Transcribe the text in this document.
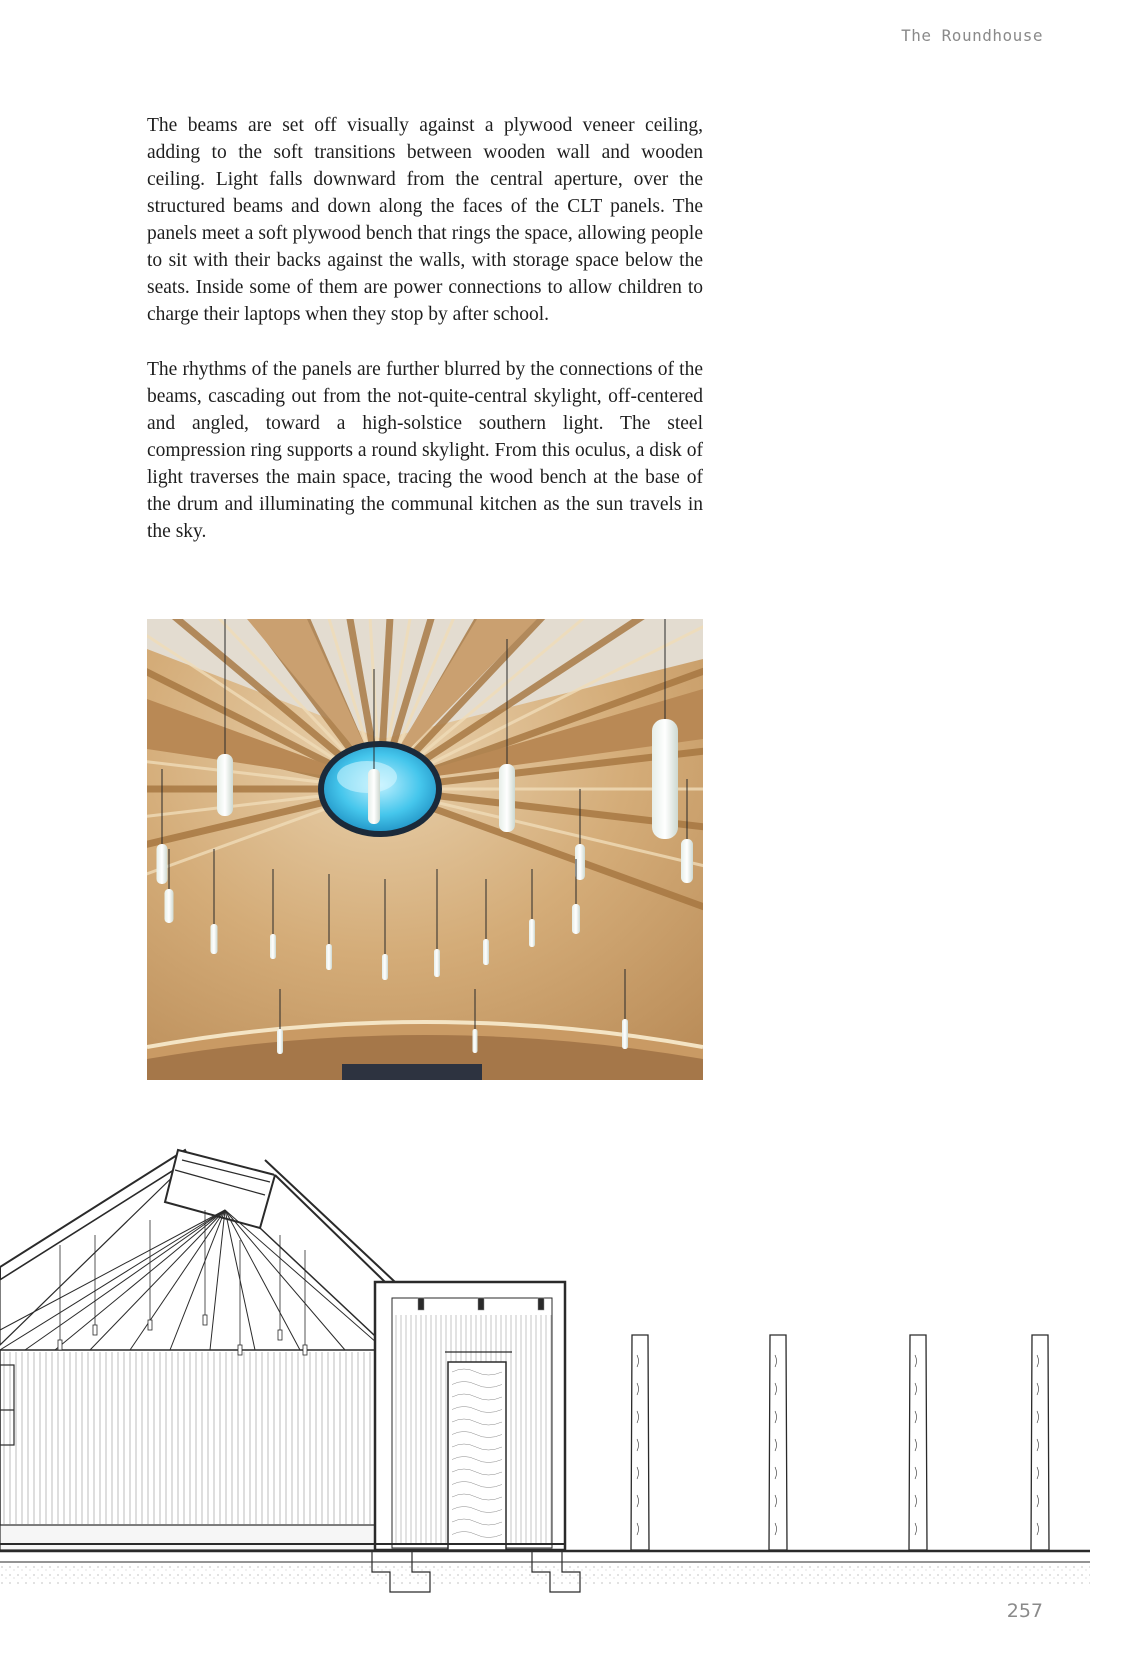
The Roundhouse

The beams are set off visually against a plywood veneer ceiling, adding to the soft transitions between wooden wall and wooden ceiling. Light falls downward from the central aperture, over the structured beams and down along the faces of the CLT panels. The panels meet a soft plywood bench that rings the space, allowing people to sit with their backs against the walls, with storage space below the seats. Inside some of them are power connections to allow children to charge their laptops when they stop by after school.

The rhythms of the panels are further blurred by the connections of the beams, cascading out from the not-quite-central skylight, off-centered and angled, toward a high-solstice southern light. The steel compression ring supports a round skylight. From this oculus, a disk of light traverses the main space, tracing the wood bench at the base of the drum and illuminating the communal kitchen as the sun travels in the sky.

257
